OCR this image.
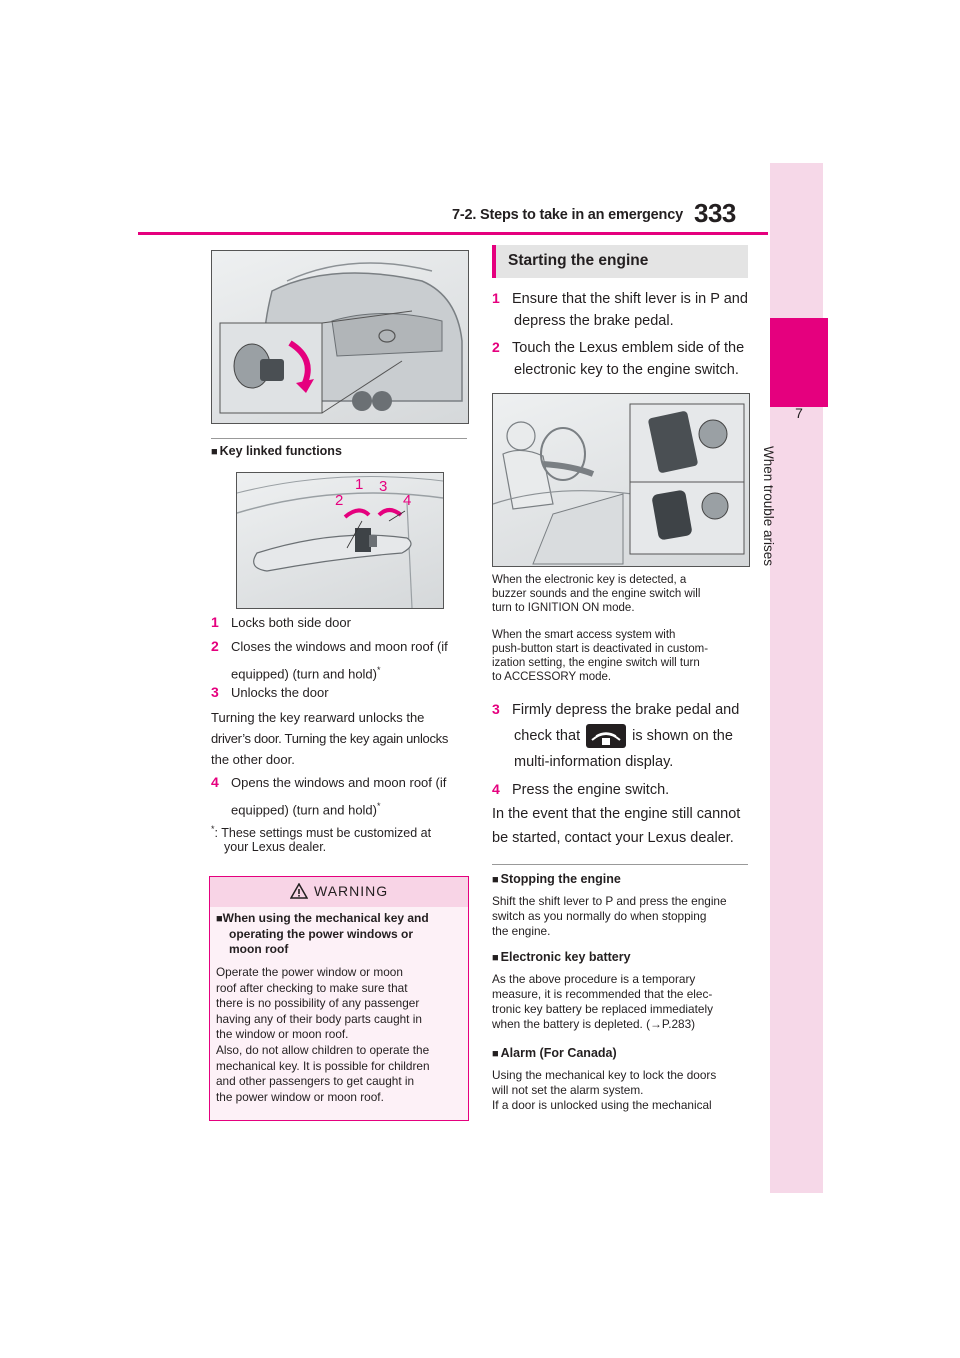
7-2. Steps to take in an emergency 333
7
When trouble arises
■ Key linked functions
2
1 3
4
1 Locks both side door
2 Closes the windows and moon roof (if
equipped) (turn and hold)*
3 Unlocks the door
Turning the key rearward unlocks the
driver’s door. Turning the key again unlocks
the other door.
4 Opens the windows and moon roof (if
equipped) (turn and hold)*
*: These settings must be customized at
your Lexus dealer.
WARNING
■When using the mechanical key and
operating the power windows or
moon roof
Operate the power window or moon
roof after checking to make sure that
there is no possibility of any passenger
having any of their body parts caught in
the window or moon roof.
Also, do not allow children to operate the
mechanical key. It is possible for children
and other passengers to get caught in
the power window or moon roof.
Starting the engine
1 Ensure that the shift lever is in P and
depress the brake pedal.
2 Touch the Lexus emblem side of the
electronic key to the engine switch.
When the electronic key is detected, a
buzzer sounds and the engine switch will
turn to IGNITION ON mode.
When the smart access system with
push-button start is deactivated in custom-
ization setting, the engine switch will turn
to ACCESSORY mode.
3 Firmly depress the brake pedal and
check that	is shown on the
multi-information display.
4 Press the engine switch.
In the event that the engine still cannot
be started, contact your Lexus dealer.
■ Stopping the engine
Shift the shift lever to P and press the engine
switch as you normally do when stopping
the engine.
■ Electronic key battery
As the above procedure is a temporary
measure, it is recommended that the elec-
tronic key battery be replaced immediately
when the battery is depleted. (→P.283)
■ Alarm (For Canada)
Using the mechanical key to lock the doors
will not set the alarm system.
If a door is unlocked using the mechanical
